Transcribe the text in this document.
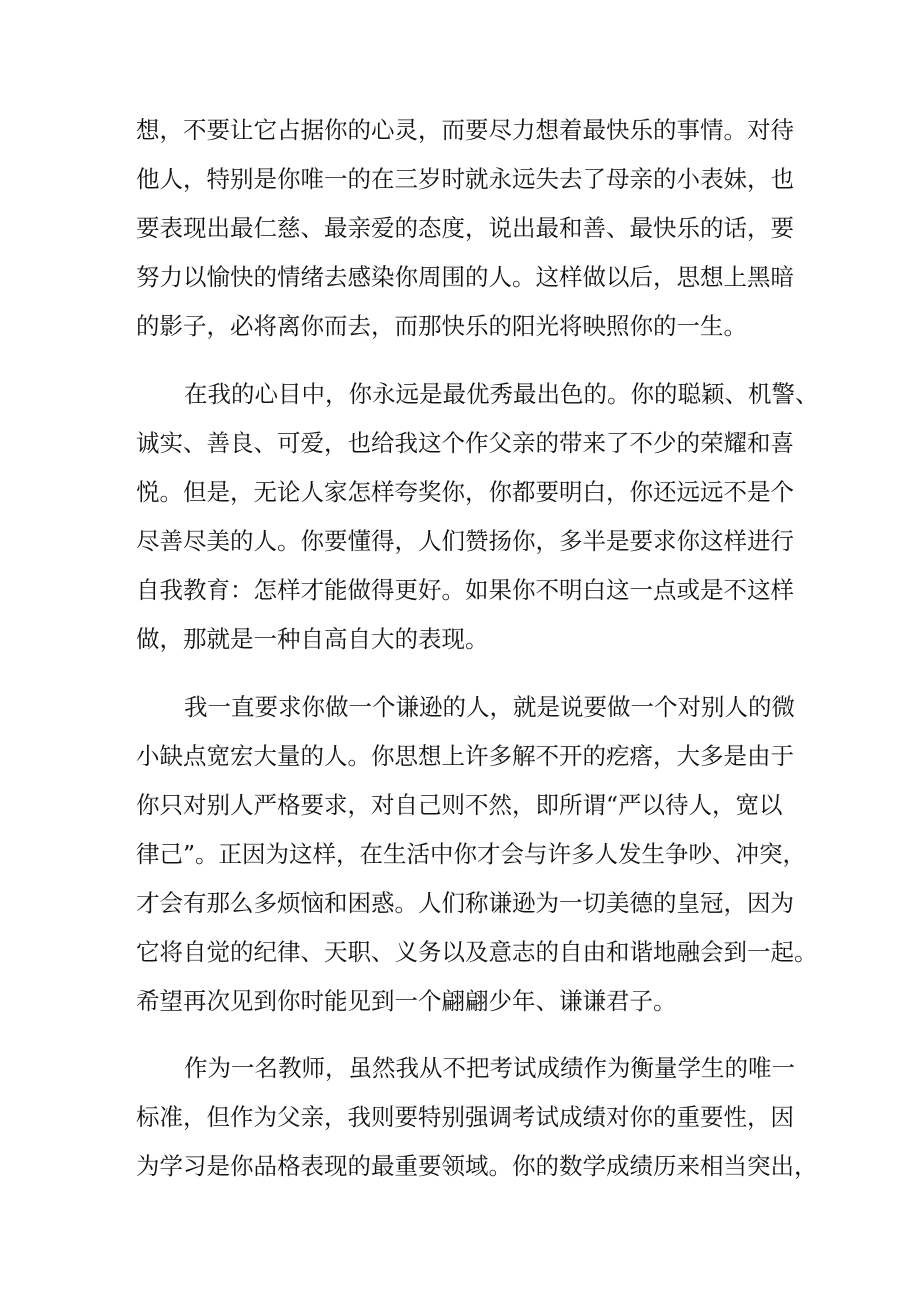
想，不要让它占据你的心灵，而要尽力想着最快乐的事情。对待
他人，特别是你唯一的在三岁时就永远失去了母亲的小表妹，也
要表现出最仁慈、最亲爱的态度，说出最和善、最快乐的话，要
努力以愉快的情绪去感染你周围的人。这样做以后，思想上黑暗
的影子，必将离你而去，而那快乐的阳光将映照你的一生。
在我的心目中，你永远是最优秀最出色的。你的聪颖、机警、
诚实、善良、可爱，也给我这个作父亲的带来了不少的荣耀和喜
悦。但是，无论人家怎样夸奖你，你都要明白，你还远远不是个
尽善尽美的人。你要懂得，人们赞扬你，多半是要求你这样进行
自我教育：怎样才能做得更好。如果你不明白这一点或是不这样
做，那就是一种自高自大的表现。
我一直要求你做一个谦逊的人，就是说要做一个对别人的微
小缺点宽宏大量的人。你思想上许多解不开的疙瘩，大多是由于
你只对别人严格要求，对自己则不然，即所谓“严以待人，宽以
律己”。正因为这样，在生活中你才会与许多人发生争吵、冲突，
才会有那么多烦恼和困惑。人们称谦逊为一切美德的皇冠，因为
它将自觉的纪律、天职、义务以及意志的自由和谐地融会到一起。
希望再次见到你时能见到一个翩翩少年、谦谦君子。
作为一名教师，虽然我从不把考试成绩作为衡量学生的唯一
标准，但作为父亲，我则要特别强调考试成绩对你的重要性，因
为学习是你品格表现的最重要领域。你的数学成绩历来相当突出，
